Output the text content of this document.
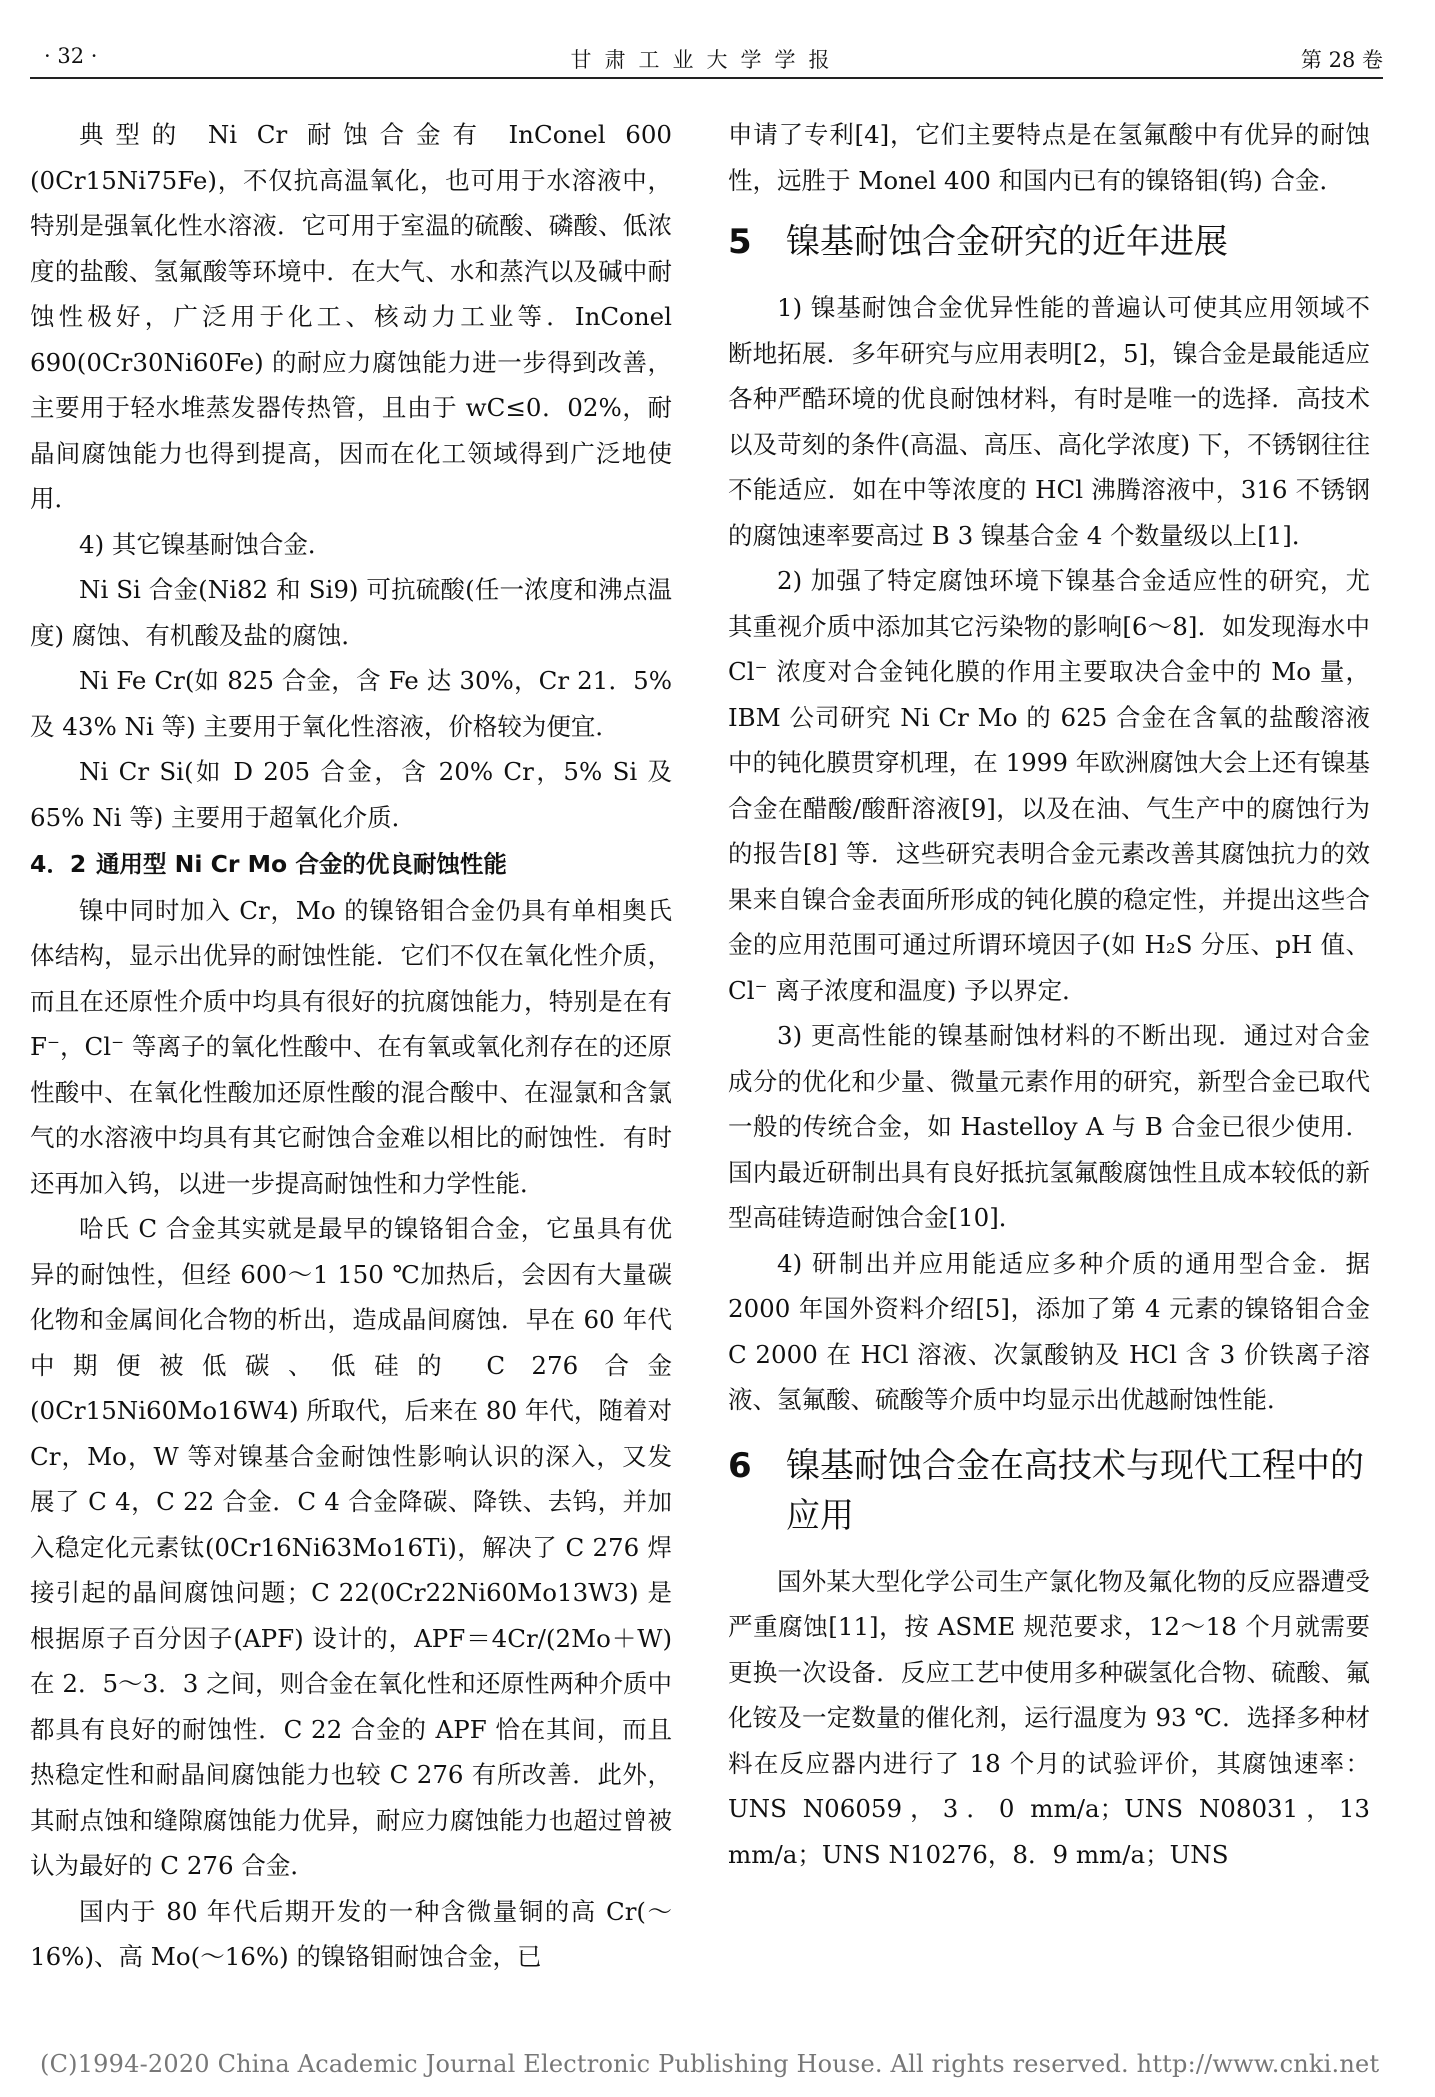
· 32 ·	甘肃工业大学学报	第 28 卷

典型的 Ni Cr 耐蚀合金有 InConel 600 (0Cr15Ni75Fe)，不仅抗高温氧化，也可用于水溶液中，特别是强氧化性水溶液．它可用于室温的硫酸、磷酸、低浓度的盐酸、氢氟酸等环境中．在大气、水和蒸汽以及碱中耐蚀性极好，广泛用于化工、核动力工业等．InConel 690(0Cr30Ni60Fe) 的耐应力腐蚀能力进一步得到改善，主要用于轻水堆蒸发器传热管，且由于 wC≤0．02%，耐晶间腐蚀能力也得到提高，因而在化工领域得到广泛地使用．

4) 其它镍基耐蚀合金．

Ni Si 合金(Ni82 和 Si9) 可抗硫酸(任一浓度和沸点温度) 腐蚀、有机酸及盐的腐蚀．

Ni Fe Cr(如 825 合金，含 Fe 达 30%，Cr 21．5% 及 43% Ni 等) 主要用于氧化性溶液，价格较为便宜．

Ni Cr Si(如 D 205 合金，含 20% Cr，5% Si 及 65% Ni 等) 主要用于超氧化介质．

4．2 通用型 Ni Cr Mo 合金的优良耐蚀性能

镍中同时加入 Cr，Mo 的镍铬钼合金仍具有单相奥氏体结构，显示出优异的耐蚀性能．它们不仅在氧化性介质，而且在还原性介质中均具有很好的抗腐蚀能力，特别是在有 F⁻，Cl⁻ 等离子的氧化性酸中、在有氧或氧化剂存在的还原性酸中、在氧化性酸加还原性酸的混合酸中、在湿氯和含氯气的水溶液中均具有其它耐蚀合金难以相比的耐蚀性．有时还再加入钨，以进一步提高耐蚀性和力学性能．

哈氏 C 合金其实就是最早的镍铬钼合金，它虽具有优异的耐蚀性，但经 600～1 150 ℃加热后，会因有大量碳化物和金属间化合物的析出，造成晶间腐蚀．早在 60 年代中期便被低碳、低硅的 C 276 合金(0Cr15Ni60Mo16W4) 所取代，后来在 80 年代，随着对 Cr，Mo，W 等对镍基合金耐蚀性影响认识的深入，又发展了 C 4，C 22 合金．C 4 合金降碳、降铁、去钨，并加入稳定化元素钛(0Cr16Ni63Mo16Ti)，解决了 C 276 焊接引起的晶间腐蚀问题；C 22(0Cr22Ni60Mo13W3) 是根据原子百分因子(APF) 设计的，APF＝4Cr/(2Mo＋W) 在 2．5～3．3 之间，则合金在氧化性和还原性两种介质中都具有良好的耐蚀性．C 22 合金的 APF 恰在其间，而且热稳定性和耐晶间腐蚀能力也较 C 276 有所改善．此外，其耐点蚀和缝隙腐蚀能力优异，耐应力腐蚀能力也超过曾被认为最好的 C 276 合金．

国内于 80 年代后期开发的一种含微量铜的高 Cr(～16%)、高 Mo(～16%) 的镍铬钼耐蚀合金，已

申请了专利[4]，它们主要特点是在氢氟酸中有优异的耐蚀性，远胜于 Monel 400 和国内已有的镍铬钼(钨) 合金．

5	镍基耐蚀合金研究的近年进展

1) 镍基耐蚀合金优异性能的普遍认可使其应用领域不断地拓展．多年研究与应用表明[2，5]，镍合金是最能适应各种严酷环境的优良耐蚀材料，有时是唯一的选择．高技术以及苛刻的条件(高温、高压、高化学浓度) 下，不锈钢往往不能适应．如在中等浓度的 HCl 沸腾溶液中，316 不锈钢的腐蚀速率要高过 B 3 镍基合金 4 个数量级以上[1]．

2) 加强了特定腐蚀环境下镍基合金适应性的研究，尤其重视介质中添加其它污染物的影响[6～8]．如发现海水中 Cl⁻ 浓度对合金钝化膜的作用主要取决合金中的 Mo 量，IBM 公司研究 Ni Cr Mo 的 625 合金在含氧的盐酸溶液中的钝化膜贯穿机理，在 1999 年欧洲腐蚀大会上还有镍基合金在醋酸/酸酐溶液[9]，以及在油、气生产中的腐蚀行为的报告[8] 等．这些研究表明合金元素改善其腐蚀抗力的效果来自镍合金表面所形成的钝化膜的稳定性，并提出这些合金的应用范围可通过所谓环境因子(如 H₂S 分压、pH 值、Cl⁻ 离子浓度和温度) 予以界定．

3) 更高性能的镍基耐蚀材料的不断出现．通过对合金成分的优化和少量、微量元素作用的研究，新型合金已取代一般的传统合金，如 Hastelloy A 与 B 合金已很少使用．国内最近研制出具有良好抵抗氢氟酸腐蚀性且成本较低的新型高硅铸造耐蚀合金[10]．

4) 研制出并应用能适应多种介质的通用型合金．据 2000 年国外资料介绍[5]，添加了第 4 元素的镍铬钼合金 C 2000 在 HCl 溶液、次氯酸钠及 HCl 含 3 价铁离子溶液、氢氟酸、硫酸等介质中均显示出优越耐蚀性能．

6	镍基耐蚀合金在高技术与现代工程中的应用

国外某大型化学公司生产氯化物及氟化物的反应器遭受严重腐蚀[11]，按 ASME 规范要求，12～18 个月就需要更换一次设备．反应工艺中使用多种碳氢化合物、硫酸、氟化铵及一定数量的催化剂，运行温度为 93 ℃．选择多种材料在反应器内进行了 18 个月的试验评价，其腐蚀速率：UNS N06059，3．0 mm/a；UNS N08031，13 mm/a；UNS N10276，8．9 mm/a；UNS

(C)1994-2020 China Academic Journal Electronic Publishing House. All rights reserved. http://www.cnki.net
